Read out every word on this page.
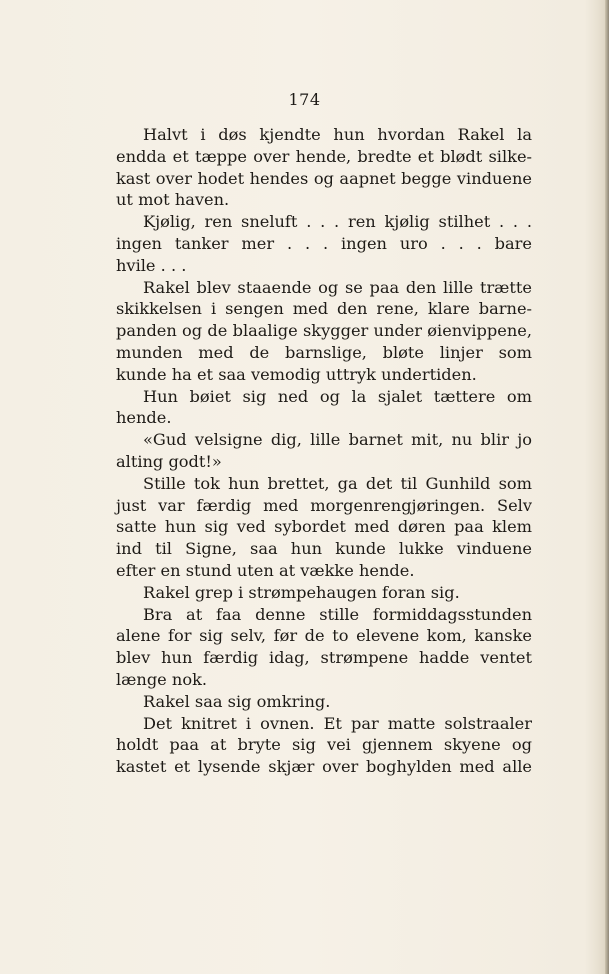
174
Halvt i døs kjendte hun hvordan Rakel la
endda et tæppe over hende, bredte et blødt silke-
kast over hodet hendes og aapnet begge vinduene
ut mot haven.
Kjølig, ren sneluft . . . ren kjølig stilhet . . .
ingen tanker mer . . . ingen uro . . . bare
hvile . . .
Rakel blev staaende og se paa den lille trætte
skikkelsen i sengen med den rene, klare barne-
panden og de blaalige skygger under øienvippene,
munden med de barnslige, bløte linjer som
kunde ha et saa vemodig uttryk undertiden.
Hun bøiet sig ned og la sjalet tættere om
hende.
«Gud velsigne dig, lille barnet mit, nu blir jo
alting godt!»
Stille tok hun brettet, ga det til Gunhild som
just var færdig med morgenrengjøringen. Selv
satte hun sig ved sybordet med døren paa klem
ind til Signe, saa hun kunde lukke vinduene
efter en stund uten at vække hende.
Rakel grep i strømpehaugen foran sig.
Bra at faa denne stille formiddagsstunden
alene for sig selv, før de to elevene kom, kanske
blev hun færdig idag, strømpene hadde ventet
længe nok.
Rakel saa sig omkring.
Det knitret i ovnen. Et par matte solstraaler
holdt paa at bryte sig vei gjennem skyene og
kastet et lysende skjær over boghylden med alle
